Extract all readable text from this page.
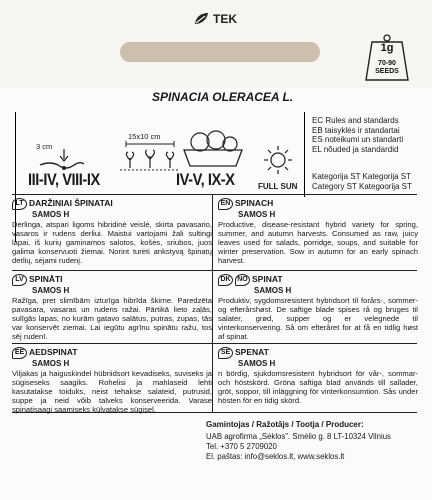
TEK
1g
70-90
SEEDS
SPINACIA OLERACEA L.
EC Rules and standards
EB taisyklės ir standartai
ES noteikumi un standarti
EL nõuded ja standardid
Kategorija ST Kategorija ST
Category ST Kategoorija ST
3 cm
15x10 cm
III-IV, VIII-IX	IV-V, IX-X	FULL SUN
LT DARŽINIAI ŠPINATAI
SAMOS H
Derlinga, atspari ligoms hibridinė veislė, skirta pavasario, vasaros ir rudens derliui. Maistui vartojami žali sultingi lapai, iš kurių gaminamos salotos, košės, sriubos, juos galima konservuoti žiemai. Norint turėti ankstyvą špinatų derlių, sėjami rudenį.
EN SPINACH
SAMOS H
Productive, disease-resistant hybrid variety for spring, summer, and autumn harvests. Consumed as raw, juicy leaves used for salads, porridge, soups, and suitable for winter preservation. Sow in autumn for an early spinach harvest.
LV SPINĀTI
SAMOS H
Ražīga, pret slimībām izturīga hibrīda škirne. Paredzēta pavasara, vasaras un rudens ražai. Pārtikā lieto zaļās, sulīgās lapas, no kurām gatavo salātus, putras, zupas, tās var konservēt ziemai. Lai iegūtu agrīnu spinātu ražu, tos sēj rudenī.
DK NO SPINAT
SAMOS H
Produktiv, sygdomsresistent hybridsort til forårs-, sommer- og efterårshøst. De saftige blade spises rå og bruges til salater, grød, supper og er velegnede til vinterkonservering. Så om efteråret for at få en tidlig høst af spinat.
EE AEDSPINAT
SAMOS H
Viljakas ja haiguskindel hübriidsort kevadiseks, suviseks ja sügiseseks saagiks. Rohelisi ja mahlaseid lehti kasutatakse toiduks, neist tehakse salateid, putrusid, suppe ja neid võib talveks konserveerida. Varase spinatisaagi saamiseks külvatakse sügisel.
SE SPENAT
SAMOS H
n bördig, sjukdomsresistent hybridsort för vår-, sommar- och höstskörd. Gröna saftiga blad används till sallader, gröt, soppor, till inläggning för vinterkonsumtion. Sås under hösten för en tidig skörd.
Gamintojas / Ražotājs / Tootja / Producer:
UAB agrofirma „Sėklos". Smėlio g. 8 LT-10324 Vilnius
Tel. +370 5 2709020
El. paštas: info@seklos.lt, www.seklos.lt
